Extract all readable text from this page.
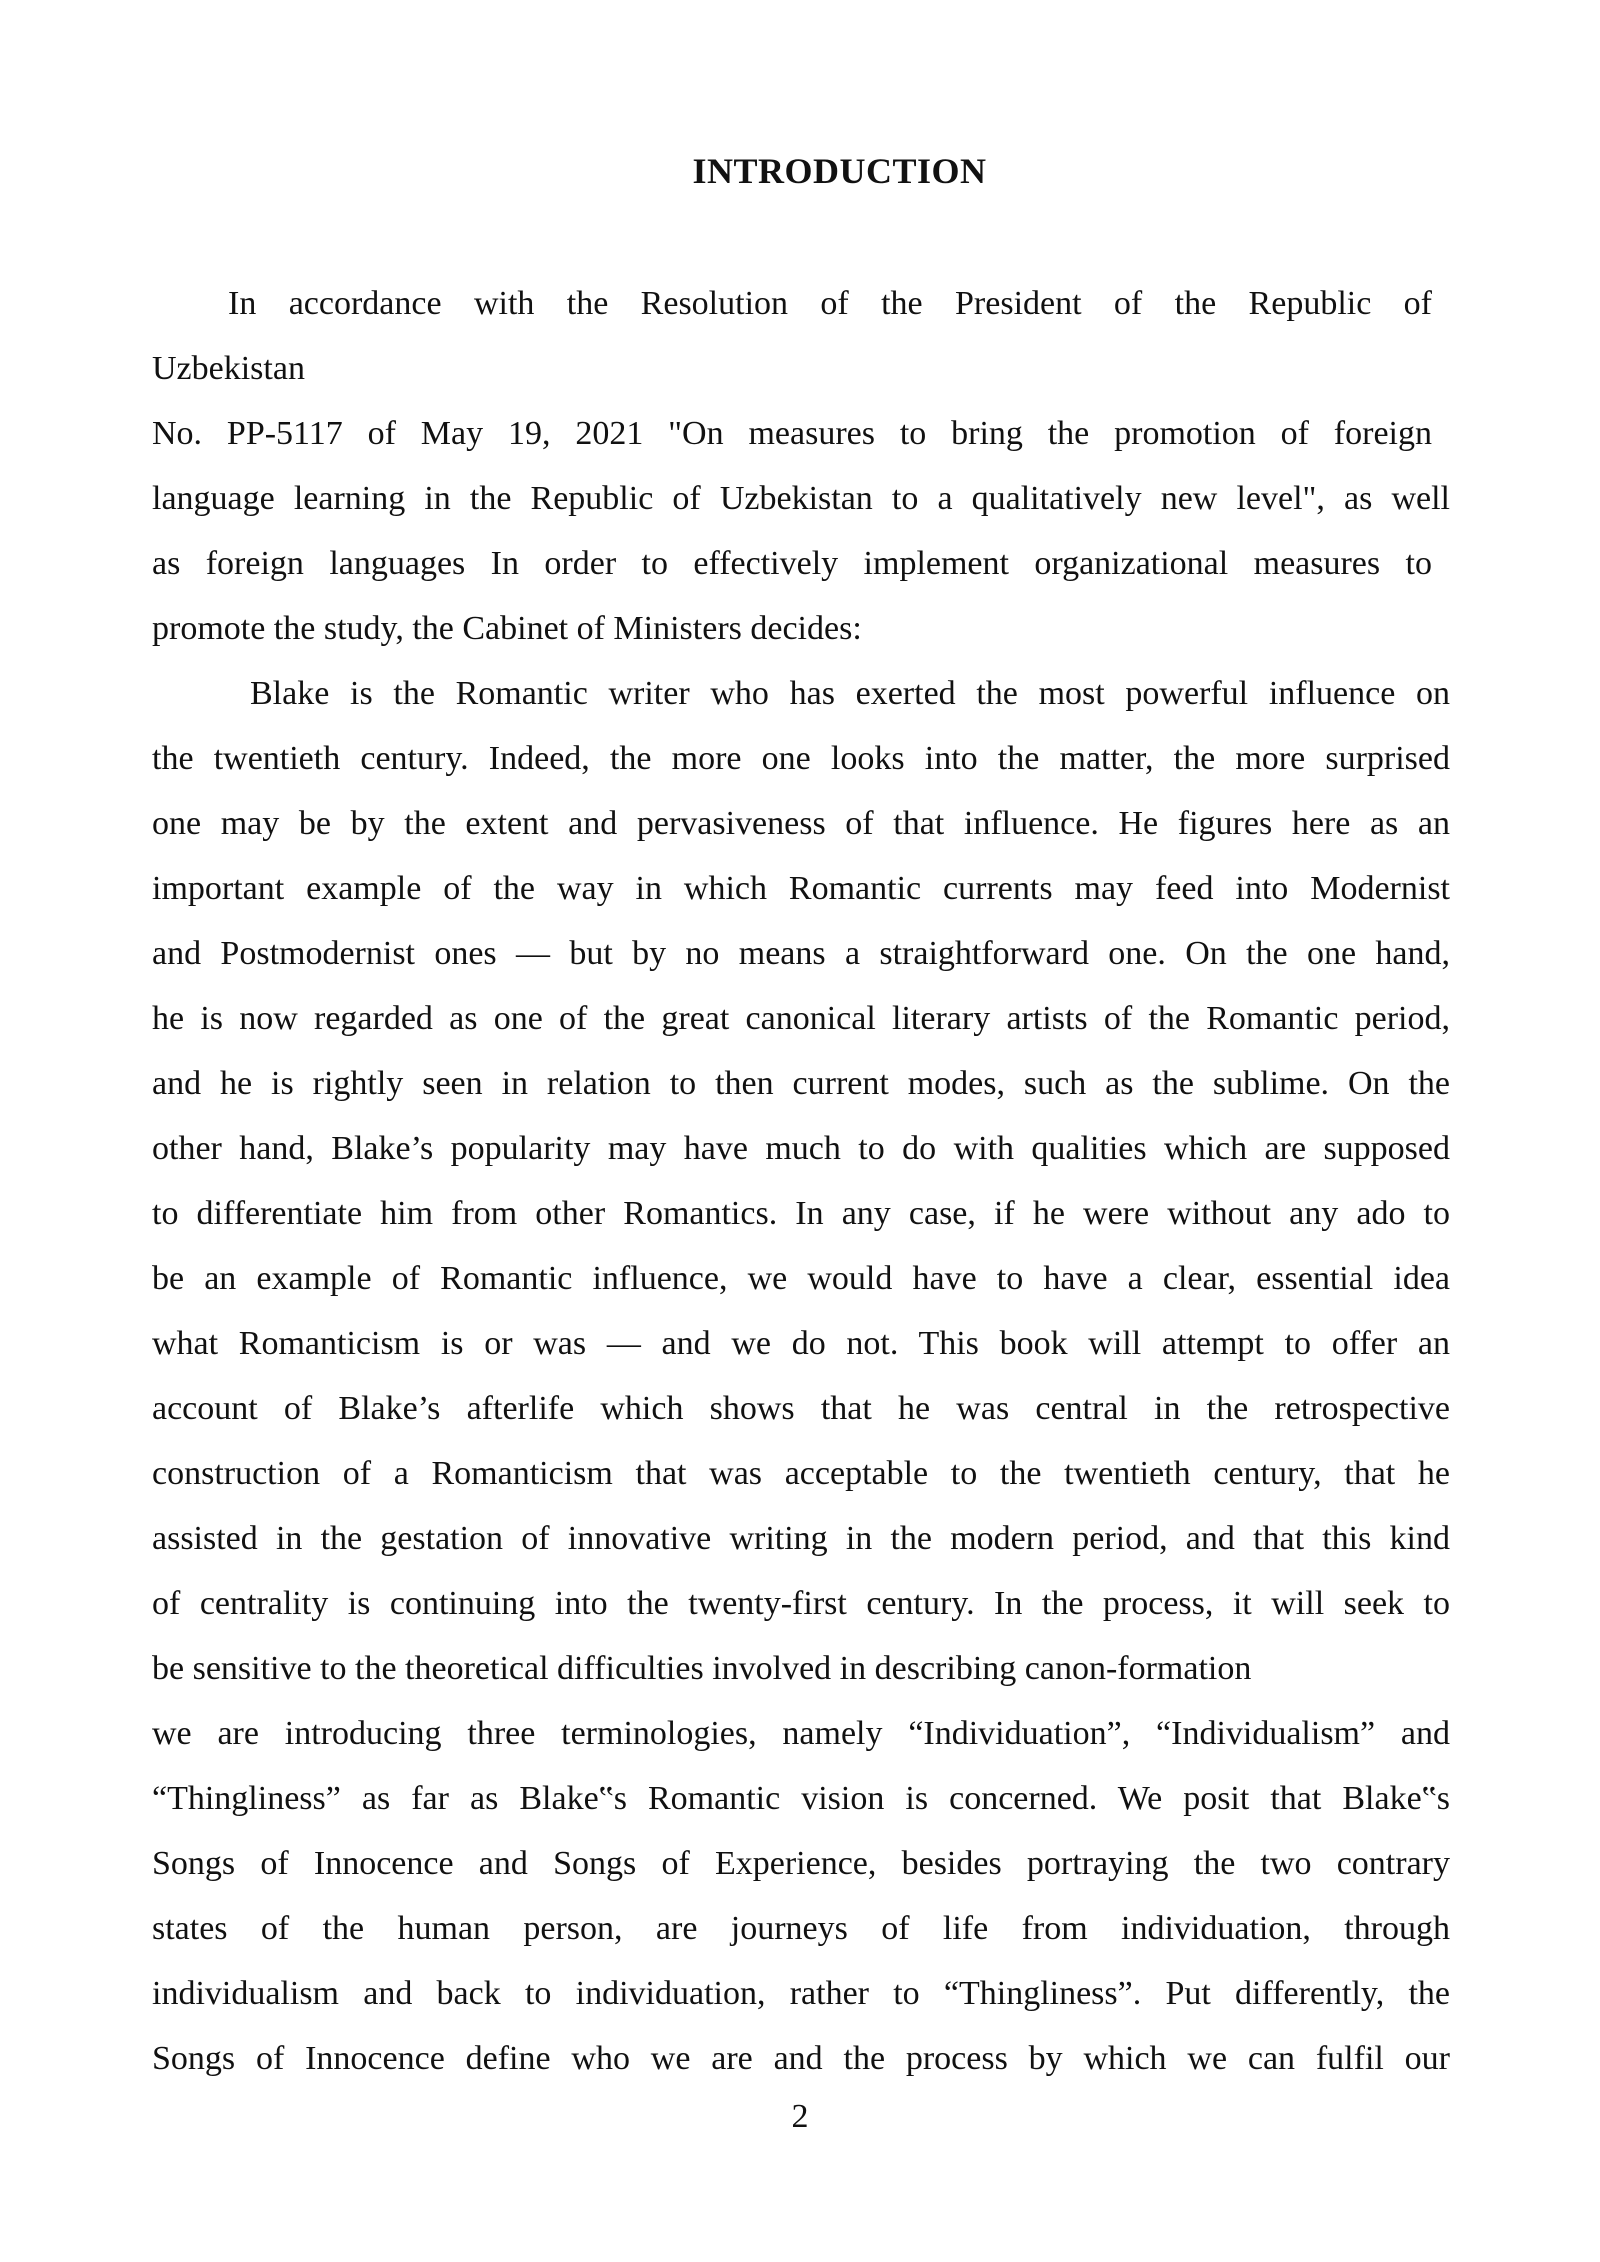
INTRODUCTION
In accordance with the Resolution of the President of the Republic of
Uzbekistan
No. PP-5117 of May 19, 2021 "On measures to bring the promotion of foreign
language learning in the Republic of Uzbekistan to a qualitatively new level", as well
as foreign languages In order to effectively implement organizational measures to
promote the study, the Cabinet of Ministers decides:
Blake is the Romantic writer who has exerted the most powerful influence on
the twentieth century. Indeed, the more one looks into the matter, the more surprised
one may be by the extent and pervasiveness of that influence. He figures here as an
important example of the way in which Romantic currents may feed into Modernist
and Postmodernist ones — but by no means a straightforward one. On the one hand,
he is now regarded as one of the great canonical literary artists of the Romantic period,
and he is rightly seen in relation to then current modes, such as the sublime. On the
other hand, Blake’s popularity may have much to do with qualities which are supposed
to differentiate him from other Romantics. In any case, if he were without any ado to
be an example of Romantic influence, we would have to have a clear, essential idea
what Romanticism is or was — and we do not. This book will attempt to offer an
account of Blake’s afterlife which shows that he was central in the retrospective
construction of a Romanticism that was acceptable to the twentieth century, that he
assisted in the gestation of innovative writing in the modern period, and that this kind
of centrality is continuing into the twenty-first century. In the process, it will seek to
be sensitive to the theoretical difficulties involved in describing canon-formation
we are introducing three terminologies, namely “Individuation”, “Individualism” and
“Thingliness” as far as Blake‟s Romantic vision is concerned. We posit that Blake‟s
Songs of Innocence and Songs of Experience, besides portraying the two contrary
states of the human person, are journeys of life from individuation, through
individualism and back to individuation, rather to “Thingliness”. Put differently, the
Songs of Innocence define who we are and the process by which we can fulfil our
2
